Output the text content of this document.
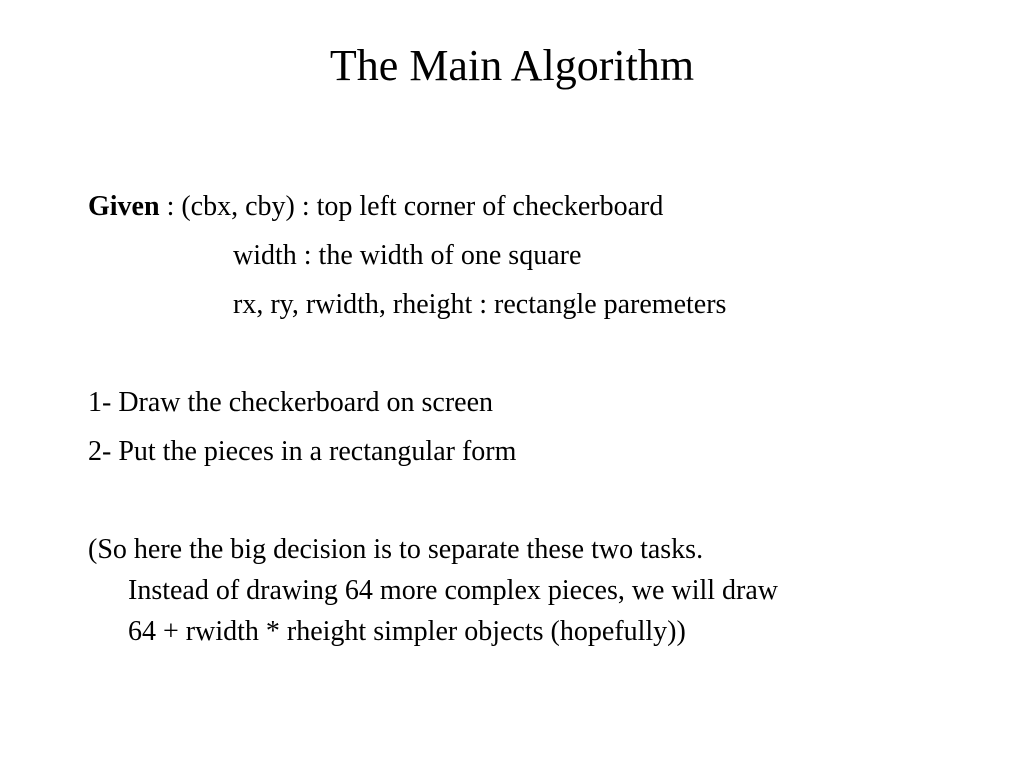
The Main Algorithm
Given : (cbx, cby) : top left corner of checkerboard
width : the width of one square
rx, ry, rwidth, rheight : rectangle paremeters
1- Draw the checkerboard on screen
2- Put the pieces in a rectangular form
(So here the big decision is to separate these two tasks.
Instead of drawing 64 more complex pieces, we will draw
64 + rwidth * rheight simpler objects (hopefully))
